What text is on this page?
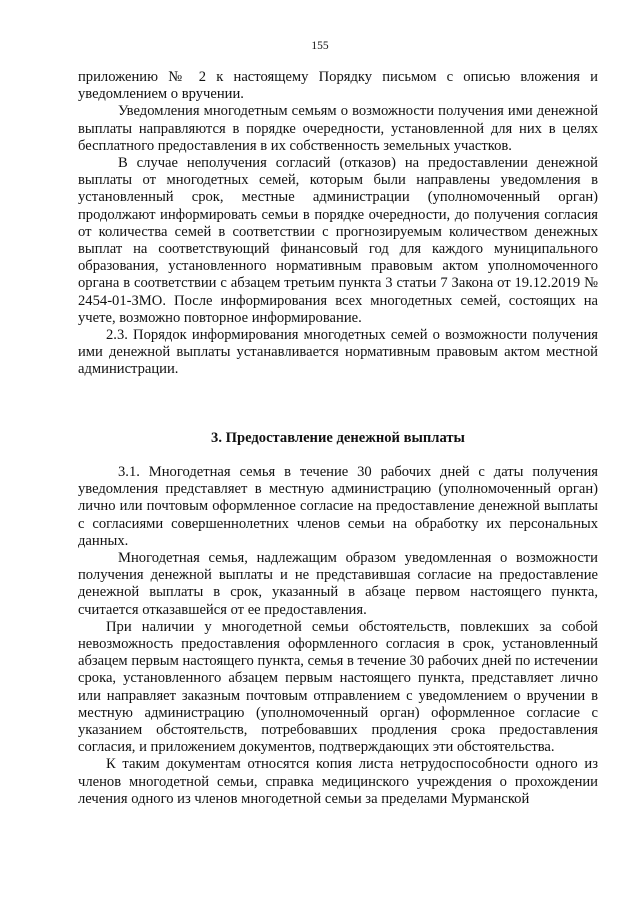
155

приложению № 2 к настоящему Порядку письмом с описью вложения и уведомлением о вручении.

Уведомления многодетным семьям о возможности получения ими денежной выплаты направляются в порядке очередности, установленной для них в целях бесплатного предоставления в их собственность земельных участков.

В случае неполучения согласий (отказов) на предоставлении денежной выплаты от многодетных семей, которым были направлены уведомления в установленный срок, местные администрации (уполномоченный орган) продолжают информировать семьи в порядке очередности, до получения согласия от количества семей в соответствии с прогнозируемым количеством денежных выплат на соответствующий финансовый год для каждого муниципального образования, установленного нормативным правовым актом уполномоченного органа в соответствии с абзацем третьим пункта 3 статьи 7 Закона от 19.12.2019 № 2454-01-ЗМО. После информирования всех многодетных семей, состоящих на учете, возможно повторное информирование.

2.3. Порядок информирования многодетных семей о возможности получения ими денежной выплаты устанавливается нормативным правовым актом местной администрации.

3. Предоставление денежной выплаты

3.1. Многодетная семья в течение 30 рабочих дней с даты получения уведомления представляет в местную администрацию (уполномоченный орган) лично или почтовым оформленное согласие на предоставление денежной выплаты с согласиями совершеннолетних членов семьи на обработку их персональных данных.

Многодетная семья, надлежащим образом уведомленная о возможности получения денежной выплаты и не представившая согласие на предоставление денежной выплаты в срок, указанный в абзаце первом настоящего пункта, считается отказавшейся от ее предоставления.

При наличии у многодетной семьи обстоятельств, повлекших за собой невозможность предоставления оформленного согласия в срок, установленный абзацем первым настоящего пункта, семья в течение 30 рабочих дней по истечении срока, установленного абзацем первым настоящего пункта, представляет лично или направляет заказным почтовым отправлением с уведомлением о вручении в местную администрацию (уполномоченный орган) оформленное согласие с указанием обстоятельств, потребовавших продления срока предоставления согласия, и приложением документов, подтверждающих эти обстоятельства.

К таким документам относятся копия листа нетрудоспособности одного из членов многодетной семьи, справка медицинского учреждения о прохождении лечения одного из членов многодетной семьи за пределами Мурманской
